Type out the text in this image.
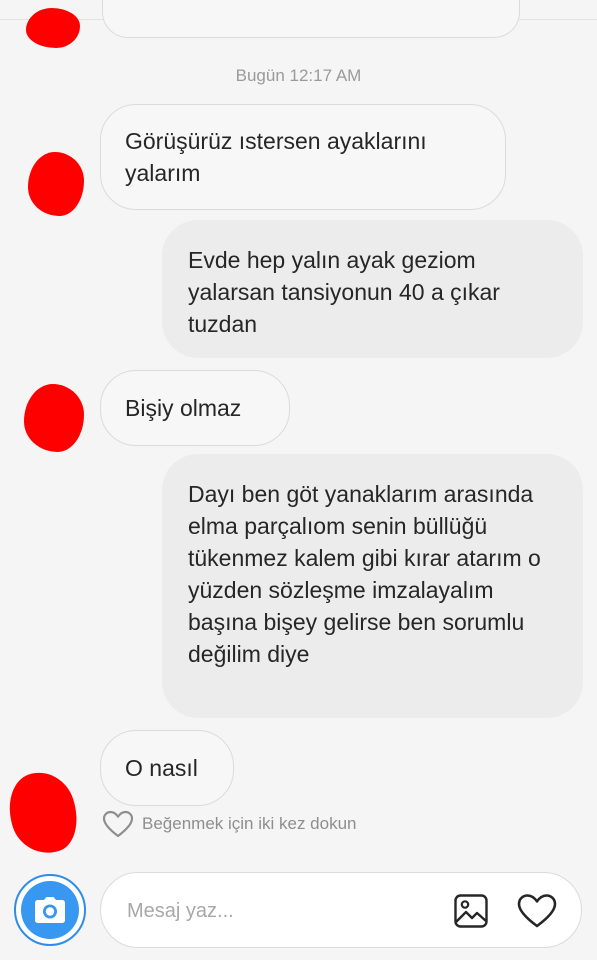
Bugün 12:17 AM
Görüşürüz ıstersen ayaklarını yalarım
Evde hep yalın ayak geziom yalarsan tansiyonun 40 a çıkar tuzdan
Bişiy olmaz
Dayı ben göt yanaklarım arasında elma parçalıom senin büllüğü tükenmez kalem gibi kırar atarım o yüzden sözleşme imzalayalım başına bişey gelirse ben sorumlu değilim diye
O nasıl
Beğenmek için iki kez dokun
Mesaj yaz...
